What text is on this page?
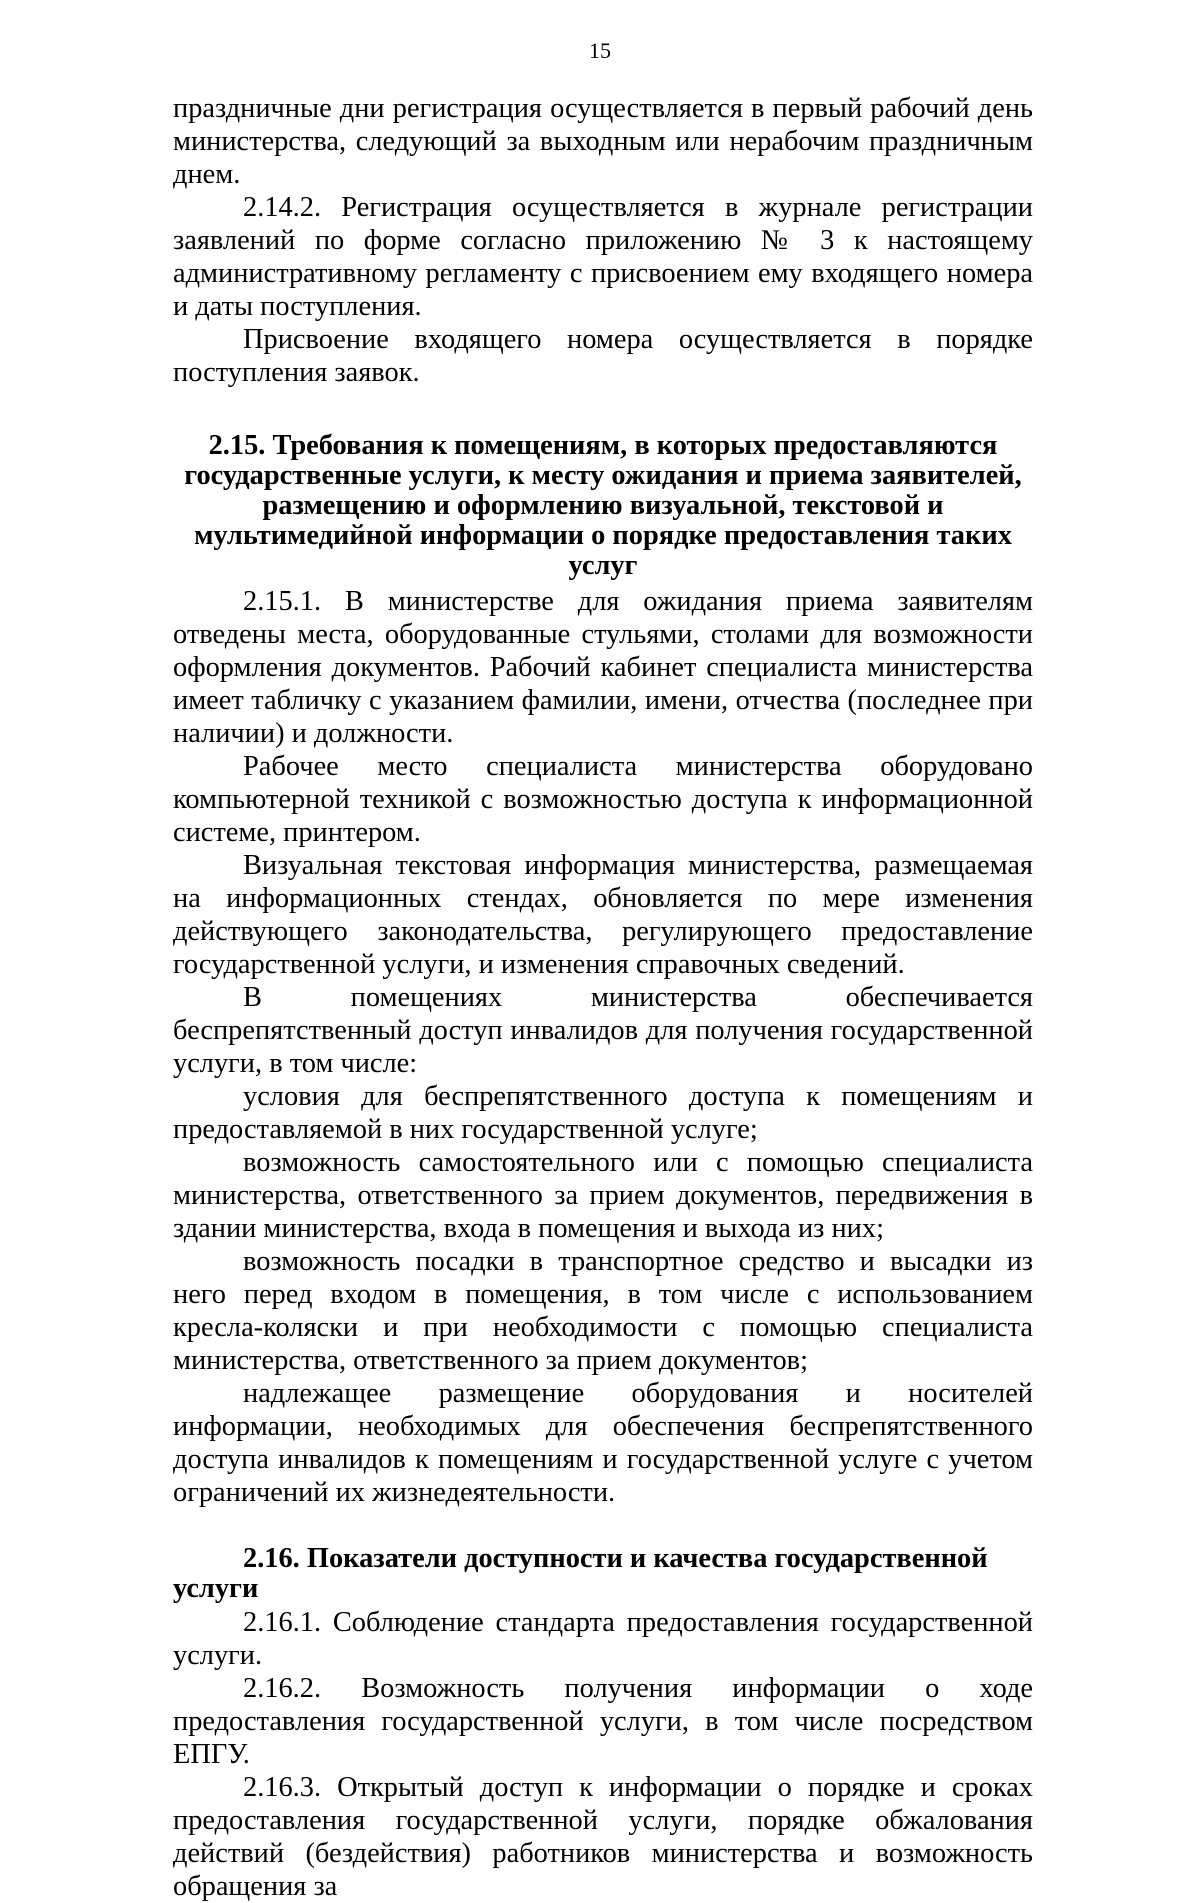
15

праздничные дни регистрация осуществляется в первый рабочий день министерства, следующий за выходным или нерабочим праздничным днем.

2.14.2. Регистрация осуществляется в журнале регистрации заявлений по форме согласно приложению № 3 к настоящему административному регламенту с присвоением ему входящего номера и даты поступления.

Присвоение входящего номера осуществляется в порядке поступления заявок.

2.15. Требования к помещениям, в которых предоставляются государственные услуги, к месту ожидания и приема заявителей, размещению и оформлению визуальной, текстовой и мультимедийной информации о порядке предоставления таких услуг

2.15.1. В министерстве для ожидания приема заявителям отведены места, оборудованные стульями, столами для возможности оформления документов. Рабочий кабинет специалиста министерства имеет табличку с указанием фамилии, имени, отчества (последнее при наличии) и должности.

Рабочее место специалиста министерства оборудовано компьютерной техникой с возможностью доступа к информационной системе, принтером.

Визуальная текстовая информация министерства, размещаемая на информационных стендах, обновляется по мере изменения действующего законодательства, регулирующего предоставление государственной услуги, и изменения справочных сведений.

В помещениях министерства обеспечивается беспрепятственный доступ инвалидов для получения государственной услуги, в том числе:

условия для беспрепятственного доступа к помещениям и предоставляемой в них государственной услуге;

возможность самостоятельного или с помощью специалиста министерства, ответственного за прием документов, передвижения в здании министерства, входа в помещения и выхода из них;

возможность посадки в транспортное средство и высадки из него перед входом в помещения, в том числе с использованием кресла-коляски и при необходимости с помощью специалиста министерства, ответственного за прием документов;

надлежащее размещение оборудования и носителей информации, необходимых для обеспечения беспрепятственного доступа инвалидов к помещениям и государственной услуге с учетом ограничений их жизнедеятельности.

2.16. Показатели доступности и качества государственной услуги

2.16.1. Соблюдение стандарта предоставления государственной услуги.

2.16.2. Возможность получения информации о ходе предоставления государственной услуги, в том числе посредством ЕПГУ.

2.16.3. Открытый доступ к информации о порядке и сроках предоставления государственной услуги, порядке обжалования действий (бездействия) работников министерства и возможность обращения за
